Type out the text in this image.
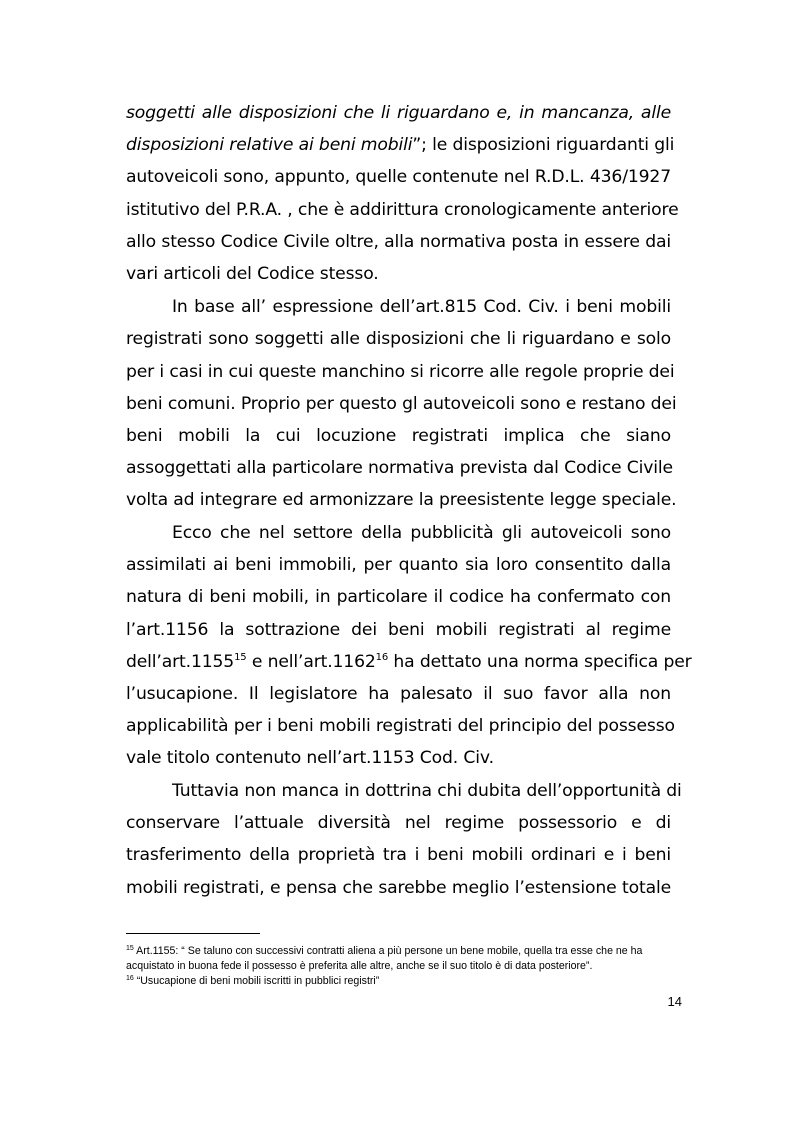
soggetti alle disposizioni che li riguardano e, in mancanza, alle
disposizioni relative ai beni mobili”; le disposizioni riguardanti gli
autoveicoli sono, appunto, quelle contenute nel R.D.L. 436/1927
istitutivo del P.R.A. , che è addirittura cronologicamente anteriore
allo stesso Codice Civile oltre, alla normativa posta in essere dai
vari articoli del Codice stesso.
In base all’ espressione dell’art.815 Cod. Civ. i beni mobili
registrati sono soggetti alle disposizioni che li riguardano e solo
per i casi in cui queste manchino si ricorre alle regole proprie dei
beni comuni. Proprio per questo gl autoveicoli sono e restano dei
beni mobili la cui locuzione registrati implica che siano
assoggettati alla particolare normativa prevista dal Codice Civile
volta ad integrare ed armonizzare la preesistente legge speciale.
Ecco che nel settore della pubblicità gli autoveicoli sono
assimilati ai beni immobili, per quanto sia loro consentito dalla
natura di beni mobili, in particolare il codice ha confermato con
l’art.1156 la sottrazione dei beni mobili registrati al regime
dell’art.1155$^{15}$ e nell’art.1162$^{16}$ ha dettato una norma specifica per
l’usucapione. Il legislatore ha palesato il suo favor alla non
applicabilità per i beni mobili registrati del principio del possesso
vale titolo contenuto nell’art.1153 Cod. Civ.
Tuttavia non manca in dottrina chi dubita dell’opportunità di
conservare l’attuale diversità nel regime possessorio e di
trasferimento della proprietà tra i beni mobili ordinari e i beni
mobili registrati, e pensa che sarebbe meglio l’estensione totale
$^{15}$ Art.1155: “ Se taluno con successivi contratti aliena a più persone un bene mobile, quella tra esse che ne ha
acquistato in buona fede il possesso è preferita alle altre, anche se il suo titolo è di data posteriore”.
$^{16}$ “Usucapione di beni mobili iscritti in pubblici registri”
14
